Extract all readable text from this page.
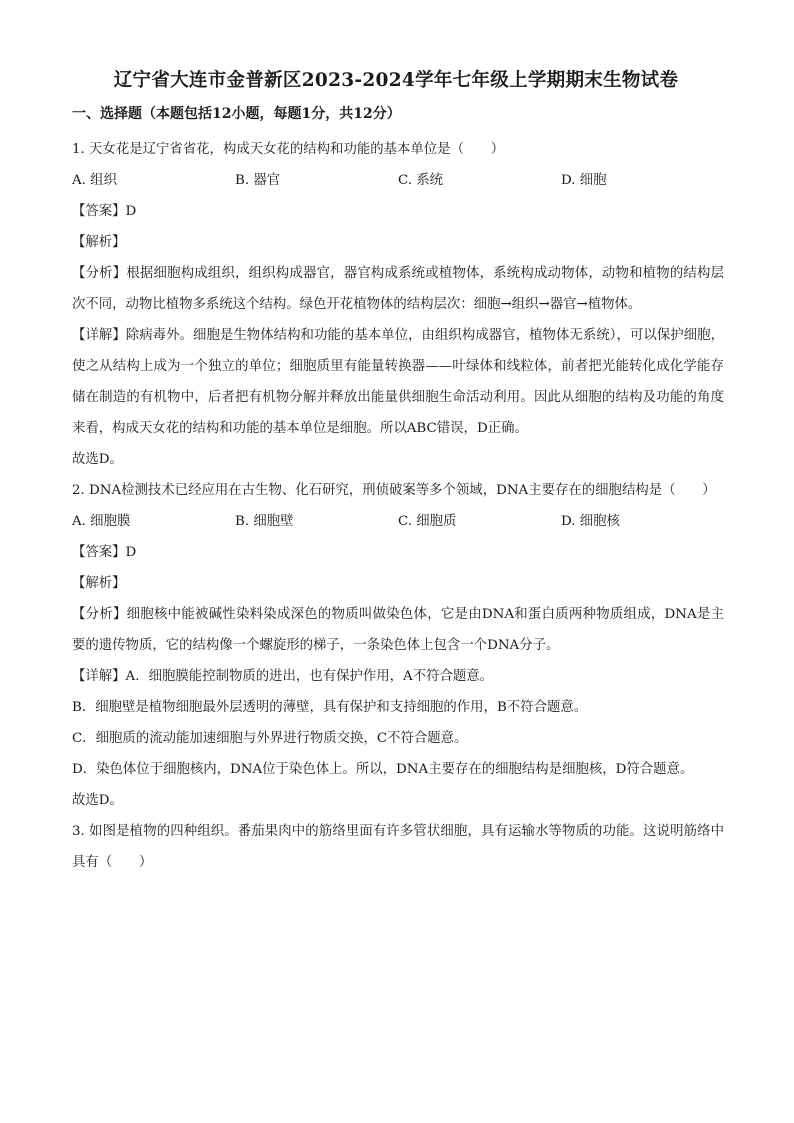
辽宁省大连市金普新区2023-2024学年七年级上学期期末生物试卷
一、选择题（本题包括12小题，每题1分，共12分）

1. 天女花是辽宁省省花，构成天女花的结构和功能的基本单位是（　　）

A. 组织	B. 器官	C. 系统	D. 细胞

【答案】D

【解析】

【分析】根据细胞构成组织，组织构成器官，器官构成系统或植物体，系统构成动物体，动物和植物的结构层次不同，动物比植物多系统这个结构。绿色开花植物体的结构层次：细胞→组织→器官→植物体。

【详解】除病毒外。细胞是生物体结构和功能的基本单位，由组织构成器官，植物体无系统），可以保护细胞，使之从结构上成为一个独立的单位；细胞质里有能量转换器——叶绿体和线粒体，前者把光能转化成化学能存储在制造的有机物中，后者把有机物分解并释放出能量供细胞生命活动利用。因此从细胞的结构及功能的角度来看，构成天女花的结构和功能的基本单位是细胞。所以ABC错误，D正确。

故选D。

2. DNA检测技术已经应用在古生物、化石研究，刑侦破案等多个领域，DNA主要存在的细胞结构是（　　）

A. 细胞膜	B. 细胞壁	C. 细胞质	D. 细胞核

【答案】D

【解析】

【分析】细胞核中能被碱性染料染成深色的物质叫做染色体，它是由DNA和蛋白质两种物质组成，DNA是主要的遗传物质，它的结构像一个螺旋形的梯子，一条染色体上包含一个DNA分子。

【详解】A．细胞膜能控制物质的进出，也有保护作用，A不符合题意。

B．细胞壁是植物细胞最外层透明的薄壁，具有保护和支持细胞的作用，B不符合题意。

C．细胞质的流动能加速细胞与外界进行物质交换，C不符合题意。

D．染色体位于细胞核内，DNA位于染色体上。所以，DNA主要存在的细胞结构是细胞核，D符合题意。

故选D。

3. 如图是植物的四种组织。番茄果肉中的筋络里面有许多管状细胞，具有运输水等物质的功能。这说明筋络中具有（　　）
